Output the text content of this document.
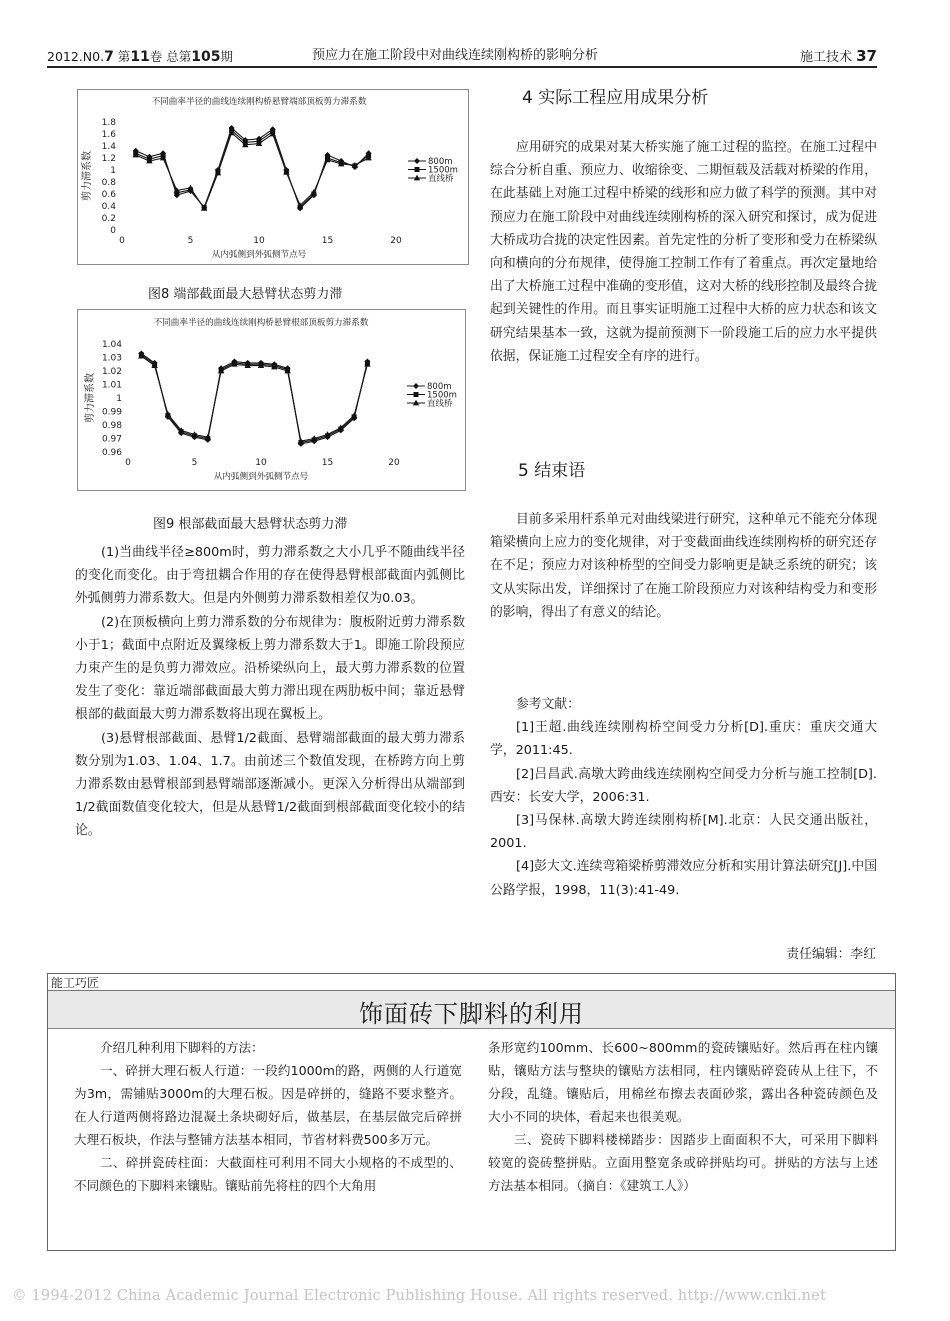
2012.N0.7 第11卷 总第105期	预应力在施工阶段中对曲线连续刚构桥的影响分析	施工技术 37
不同曲率半径的曲线连续刚构桥悬臂端部顶板剪力滞系数
0
0.2
0.4
0.6
0.8
1
1.2
1.4
1.6
1.8
0	5	10	15	20
从内弧侧到外弧侧节点号
剪力滞系数	800m
1500m
直线桥
图8 端部截面最大悬臂状态剪力滞
不同曲率半径的曲线连续刚构桥悬臂根部顶板剪力滞系数
0.96
0.97
0.98
0.99
1
1.01
1.02
1.03
1.04
0	5	10	15	20
从内弧侧到外弧侧节点号
剪力滞系数	800m
1500m
直线桥
图9 根部截面最大悬臂状态剪力滞

(1)当曲线半径≥800m时，剪力滞系数之大小几乎不随曲线半径的变化而变化。由于弯扭耦合作用的存在使得悬臂根部截面内弧侧比外弧侧剪力滞系数大。但是内外侧剪力滞系数相差仅为0.03。

(2)在顶板横向上剪力滞系数的分布规律为：腹板附近剪力滞系数小于1；截面中点附近及翼缘板上剪力滞系数大于1。即施工阶段预应力束产生的是负剪力滞效应。沿桥梁纵向上，最大剪力滞系数的位置发生了变化：靠近端部截面最大剪力滞出现在两肋板中间；靠近悬臂根部的截面最大剪力滞系数将出现在翼板上。

(3)悬臂根部截面、悬臂1/2截面、悬臂端部截面的最大剪力滞系数分别为1.03、1.04、1.7。由前述三个数值发现，在桥跨方向上剪力滞系数由悬臂根部到悬臂端部逐渐减小。更深入分析得出从端部到1/2截面数值变化较大，但是从悬臂1/2截面到根部截面变化较小的结论。

4 实际工程应用成果分析

应用研究的成果对某大桥实施了施工过程的监控。在施工过程中综合分析自重、预应力、收缩徐变、二期恒载及活载对桥梁的作用，在此基础上对施工过程中桥梁的线形和应力做了科学的预测。其中对预应力在施工阶段中对曲线连续刚构桥的深入研究和探讨，成为促进大桥成功合拢的决定性因素。首先定性的分析了变形和受力在桥梁纵向和横向的分布规律，使得施工控制工作有了着重点。再次定量地给出了大桥施工过程中准确的变形值，这对大桥的线形控制及最终合拢起到关键性的作用。而且事实证明施工过程中大桥的应力状态和该文研究结果基本一致，这就为提前预测下一阶段施工后的应力水平提供依据，保证施工过程安全有序的进行。

5 结束语

目前多采用杆系单元对曲线梁进行研究，这种单元不能充分体现箱梁横向上应力的变化规律，对于变截面曲线连续刚构桥的研究还存在不足；预应力对该种桥型的空间受力影响更是缺乏系统的研究；该文从实际出发，详细探讨了在施工阶段预应力对该种结构受力和变形的影响，得出了有意义的结论。

参考文献：

[1]王超.曲线连续刚构桥空间受力分析[D].重庆：重庆交通大学，2011:45.

[2]吕昌武.高墩大跨曲线连续刚构空间受力分析与施工控制[D].西安：长安大学，2006:31.

[3]马保林.高墩大跨连续刚构桥[M].北京：人民交通出版社，2001.

[4]彭大文.连续弯箱梁桥剪滞效应分析和实用计算法研究[J].中国公路学报，1998，11(3):41-49.

责任编辑：李红
能工巧匠
饰面砖下脚料的利用

介绍几种利用下脚料的方法：

一、碎拼大理石板人行道：一段约1000m的路，两侧的人行道宽为3m，需铺贴3000m的大理石板。因是碎拼的，缝路不要求整齐。在人行道两侧将路边混凝土条块砌好后，做基层，在基层做完后碎拼大理石板块，作法与整铺方法基本相同，节省材料费500多万元。

二、碎拼瓷砖柱面：大截面柱可利用不同大小规格的不成型的、不同颜色的下脚料来镶贴。镶贴前先将柱的四个大角用

条形宽约100mm、长600~800mm的瓷砖镶贴好。然后再在柱内镶贴，镶贴方法与整块的镶贴方法相同，柱内镶贴碎瓷砖从上往下，不分段，乱缝。镶贴后，用棉丝布擦去表面砂浆，露出各种瓷砖颜色及大小不同的块体，看起来也很美观。

三、瓷砖下脚料楼梯踏步：因踏步上面面积不大，可采用下脚料较宽的瓷砖整拼贴。立面用整宽条或碎拼贴均可。拼贴的方法与上述方法基本相同。（摘自：《建筑工人》）

© 1994-2012 China Academic Journal Electronic Publishing House. All rights reserved. http://www.cnki.net
